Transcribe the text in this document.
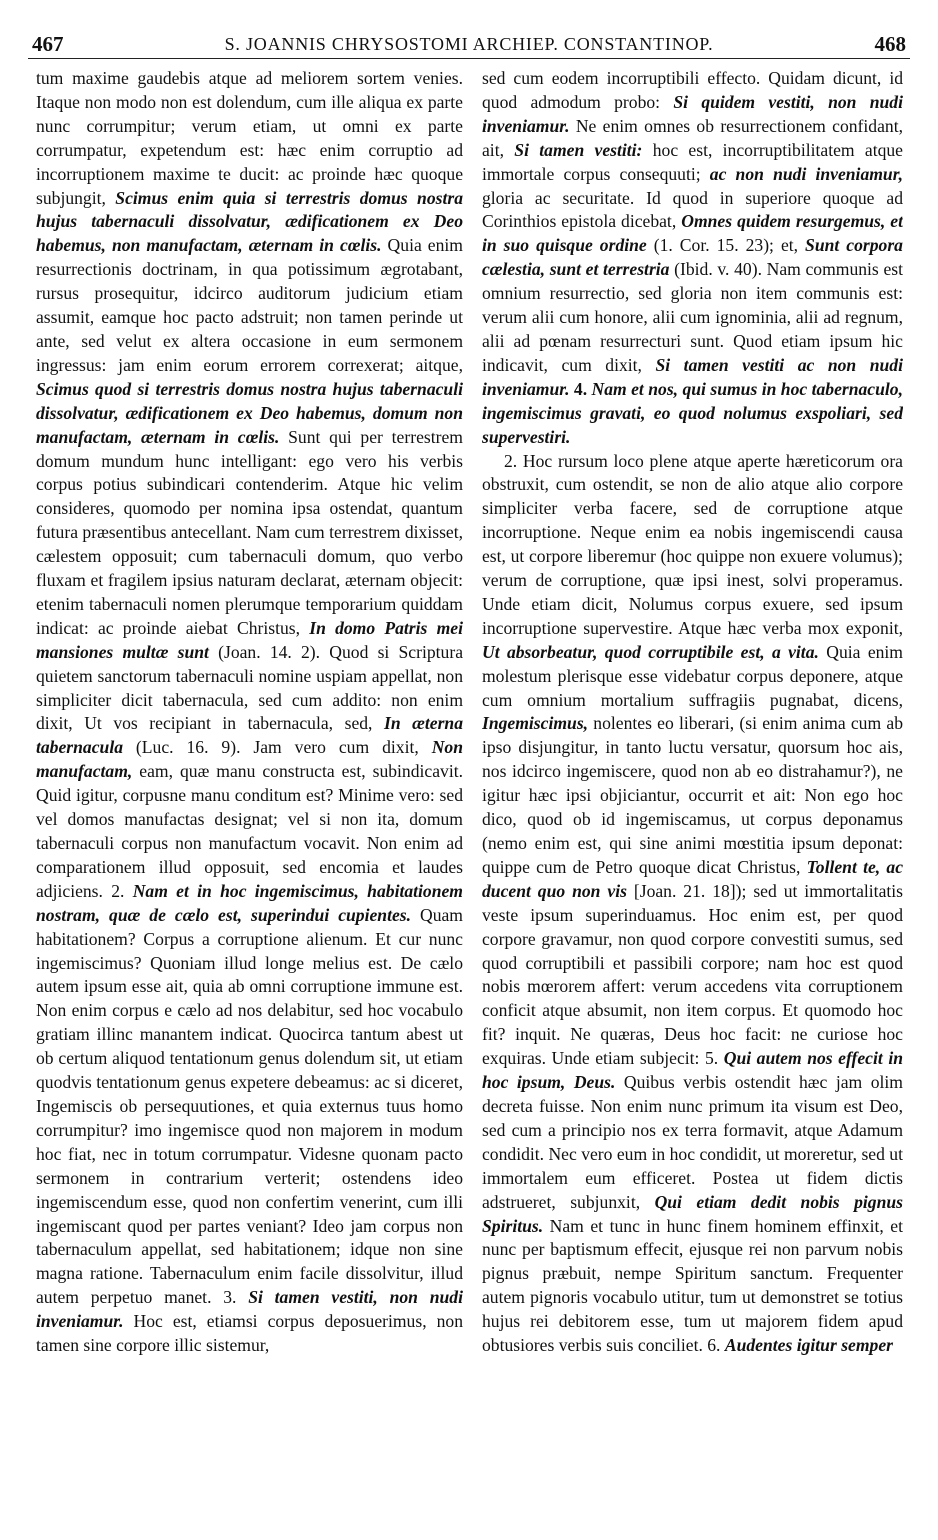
467	S. JOANNIS CHRYSOSTOMI ARCHIEP. CONSTANTINOP.	468

tum maxime gaudebis atque ad meliorem sortem venies. Itaque non modo non est dolendum, cum ille aliqua ex parte nunc corrumpitur; verum etiam, ut omni ex parte corrumpatur, expetendum est: hæc enim corruptio ad incorruptionem maxime te ducit: ac proinde hæc quoque subjungit, Scimus enim quia si terrestris domus nostra hujus tabernaculi dissolvatur, ædificationem ex Deo habemus, non manufactam, æternam in cœlis. Quia enim resurrectionis doctrinam, in qua potissimum ægrotabant, rursus prosequitur, idcirco auditorum judicium etiam assumit, eamque hoc pacto adstruit; non tamen perinde ut ante, sed velut ex altera occasione in eum sermonem ingressus: jam enim eorum errorem correxerat; aitque, Scimus quod si terrestris domus nostra hujus tabernaculi dissolvatur, ædificationem ex Deo habemus, domum non manufactam, æternam in cœlis. Sunt qui per terrestrem domum mundum hunc intelligant: ego vero his verbis corpus potius subindicari contenderim. Atque hic velim consideres, quomodo per nomina ipsa ostendat, quantum futura præsentibus antecellant. Nam cum terrestrem dixisset, cælestem opposuit; cum tabernaculi domum, quo verbo fluxam et fragilem ipsius naturam declarat, æternam objecit: etenim tabernaculi nomen plerumque temporarium quiddam indicat: ac proinde aiebat Christus, In domo Patris mei mansiones multæ sunt (Joan. 14. 2). Quod si Scriptura quietem sanctorum tabernaculi nomine uspiam appellat, non simpliciter dicit tabernacula, sed cum addito: non enim dixit, Ut vos recipiant in tabernacula, sed, In æterna tabernacula (Luc. 16. 9). Jam vero cum dixit, Non manufactam, eam, quæ manu constructa est, subindicavit. Quid igitur, corpusne manu conditum est? Minime vero: sed vel domos manufactas designat; vel si non ita, domum tabernaculi corpus non manufactum vocavit. Non enim ad comparationem illud opposuit, sed encomia et laudes adjiciens. 2. Nam et in hoc ingemiscimus, habitationem nostram, quæ de cælo est, superindui cupientes. Quam habitationem? Corpus a corruptione alienum. Et cur nunc ingemiscimus? Quoniam illud longe melius est. De cælo autem ipsum esse ait, quia ab omni corruptione immune est. Non enim corpus e cælo ad nos delabitur, sed hoc vocabulo gratiam illinc manantem indicat. Quocirca tantum abest ut ob certum aliquod tentationum genus dolendum sit, ut etiam quodvis tentationum genus expetere debeamus: ac si diceret, Ingemiscis ob persequutiones, et quia externus tuus homo corrumpitur? imo ingemisce quod non majorem in modum hoc fiat, nec in totum corrumpatur. Videsne quonam pacto sermonem in contrarium verterit; ostendens ideo ingemiscendum esse, quod non confertim venerint, cum illi ingemiscant quod per partes veniant? Ideo jam corpus non tabernaculum appellat, sed habitationem; idque non sine magna ratione. Tabernaculum enim facile dissolvitur, illud autem perpetuo manet. 3. Si tamen vestiti, non nudi inveniamur. Hoc est, etiamsi corpus deposuerimus, non tamen sine corpore illic sistemur,

sed cum eodem incorruptibili effecto. Quidam dicunt, id quod admodum probo: Si quidem vestiti, non nudi inveniamur. Ne enim omnes ob resurrectionem confidant, ait, Si tamen vestiti: hoc est, incorruptibilitatem atque immortale corpus consequuti; ac non nudi inveniamur, gloria ac securitate. Id quod in superiore quoque ad Corinthios epistola dicebat, Omnes quidem resurgemus, et in suo quisque ordine (1. Cor. 15. 23); et, Sunt corpora cælestia, sunt et terrestria (Ibid. v. 40). Nam communis est omnium resurrectio, sed gloria non item communis est: verum alii cum honore, alii cum ignominia, alii ad regnum, alii ad pœnam resurrecturi sunt. Quod etiam ipsum hic indicavit, cum dixit, Si tamen vestiti ac non nudi inveniamur. 4. Nam et nos, qui sumus in hoc tabernaculo, ingemiscimus gravati, eo quod nolumus exspoliari, sed supervestiri.

2. Hoc rursum loco plene atque aperte hæreticorum ora obstruxit, cum ostendit, se non de alio atque alio corpore simpliciter verba facere, sed de corruptione atque incorruptione. Neque enim ea nobis ingemiscendi causa est, ut corpore liberemur (hoc quippe non exuere volumus); verum de corruptione, quæ ipsi inest, solvi properamus. Unde etiam dicit, Nolumus corpus exuere, sed ipsum incorruptione supervestire. Atque hæc verba mox exponit, Ut absorbeatur, quod corruptibile est, a vita. Quia enim molestum plerisque esse videbatur corpus deponere, atque cum omnium mortalium suffragiis pugnabat, dicens, Ingemiscimus, nolentes eo liberari, (si enim anima cum ab ipso disjungitur, in tanto luctu versatur, quorsum hoc ais, nos idcirco ingemiscere, quod non ab eo distrahamur?), ne igitur hæc ipsi objiciantur, occurrit et ait: Non ego hoc dico, quod ob id ingemiscamus, ut corpus deponamus (nemo enim est, qui sine animi mœstitia ipsum deponat: quippe cum de Petro quoque dicat Christus, Tollent te, ac ducent quo non vis [Joan. 21. 18]); sed ut immortalitatis veste ipsum superinduamus. Hoc enim est, per quod corpore gravamur, non quod corpore convestiti sumus, sed quod corruptibili et passibili corpore; nam hoc est quod nobis mœrorem affert: verum accedens vita corruptionem conficit atque absumit, non item corpus. Et quomodo hoc fit? inquit. Ne quæras, Deus hoc facit: ne curiose hoc exquiras. Unde etiam subjecit: 5. Qui autem nos effecit in hoc ipsum, Deus. Quibus verbis ostendit hæc jam olim decreta fuisse. Non enim nunc primum ita visum est Deo, sed cum a principio nos ex terra formavit, atque Adamum condidit. Nec vero eum in hoc condidit, ut moreretur, sed ut immortalem eum efficeret. Postea ut fidem dictis adstrueret, subjunxit, Qui etiam dedit nobis pignus Spiritus. Nam et tunc in hunc finem hominem effinxit, et nunc per baptismum effecit, ejusque rei non parvum nobis pignus præbuit, nempe Spiritum sanctum. Frequenter autem pignoris vocabulo utitur, tum ut demonstret se totius hujus rei debitorem esse, tum ut majorem fidem apud obtusiores verbis suis conciliet. 6. Audentes igitur semper
